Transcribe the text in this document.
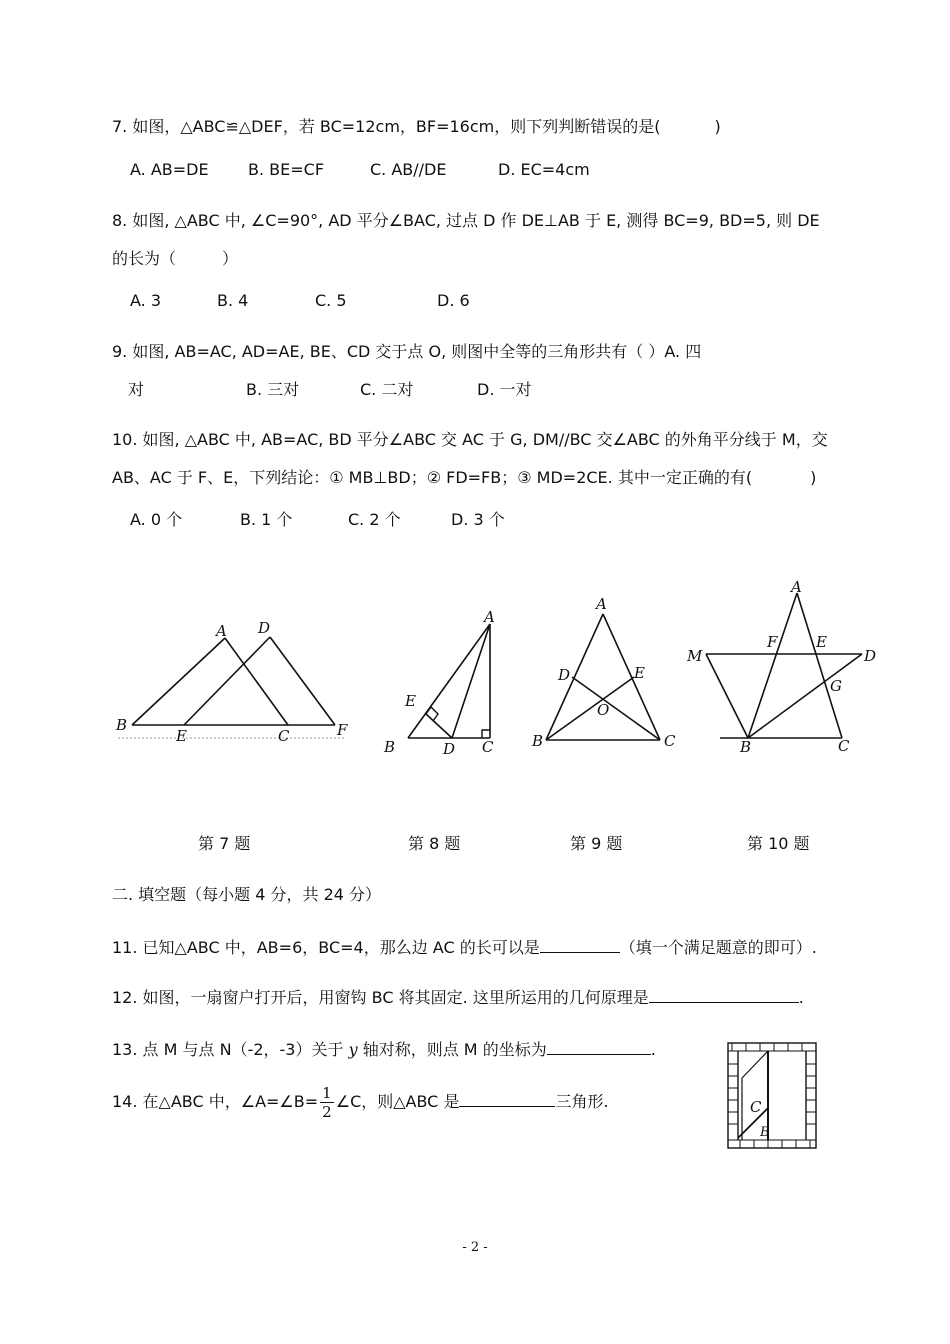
7. 如图，△ABC≌△DEF，若 BC=12cm，BF=16cm，则下列判断错误的是(	)
A. AB=DE B. BE=CF	C. AB//DE	D. EC=4cm
8. 如图, △ABC 中, ∠C=90°, AD 平分∠BAC, 过点 D 作 DE⊥AB 于 E, 测得 BC=9, BD=5, 则 DE
的长为（	）
A. 3	B. 4	C. 5	D. 6
9. 如图, AB=AC, AD=AE, BE、CD 交于点 O, 则图中全等的三角形共有（ ）A. 四
对	B. 三对	C. 二对	D. 一对
10. 如图, △ABC 中, AB=AC, BD 平分∠ABC 交 AC 于 G, DM//BC 交∠ABC 的外角平分线于 M，交
AB、AC 于 F、E，下列结论：① MB⊥BD；② FD=FB；③ MD=2CE. 其中一定正确的有(	)
A. 0 个	B. 1 个	C. 2 个	D. 3 个
A D
B
E	C	F
A
E
B	D C
A
D	E
O
B	C
A
F	E
M	D
G
B	C
第 7 题	第 8 题	第 9 题	第 10 题
二. 填空题（每小题 4 分，共 24 分）
11. 已知△ABC 中，AB=6，BC=4，那么边 AC 的长可以是	（填一个满足题意的即可）.
12. 如图，一扇窗户打开后，用窗钩 BC 将其固定. 这里所运用的几何原理是	.
13. 点 M 与点 N（-2，-3）关于 y 轴对称，则点 M 的坐标为	.
14. 在△ABC 中，∠A=∠B= $\frac{1}{2}$ ∠C，则△ABC 是	三角形.	C
B
- 2 -
